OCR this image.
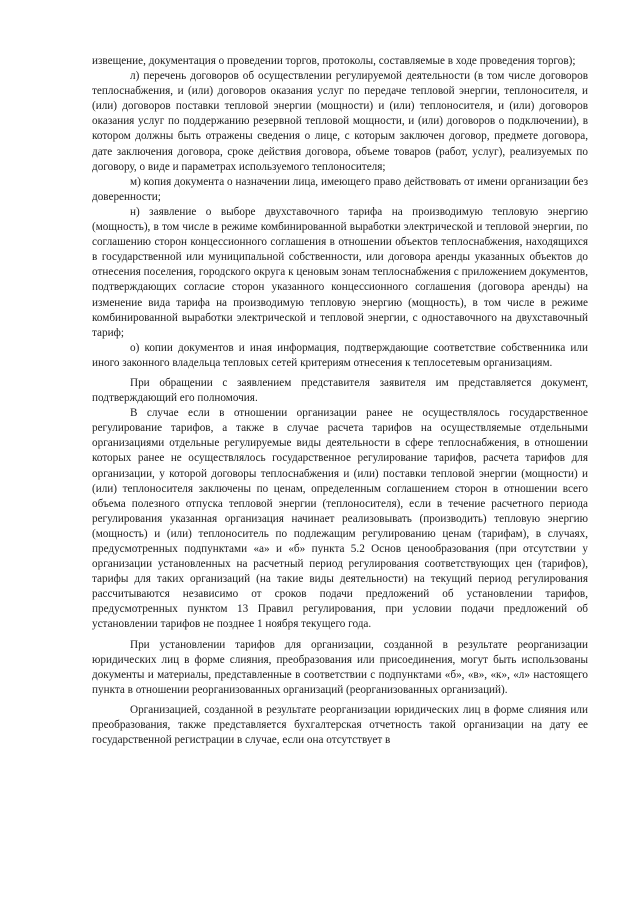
извещение, документация о проведении торгов, протоколы, составляемые в ходе проведения торгов);

л) перечень договоров об осуществлении регулируемой деятельности (в том числе договоров теплоснабжения, и (или) договоров оказания услуг по передаче тепловой энергии, теплоносителя, и (или) договоров поставки тепловой энергии (мощности) и (или) теплоносителя, и (или) договоров оказания услуг по поддержанию резервной тепловой мощности, и (или) договоров о подключении), в котором должны быть отражены сведения о лице, с которым заключен договор, предмете договора, дате заключения договора, сроке действия договора, объеме товаров (работ, услуг), реализуемых по договору, о виде и параметрах используемого теплоносителя;

м) копия документа о назначении лица, имеющего право действовать от имени организации без доверенности;

н) заявление о выборе двухставочного тарифа на производимую тепловую энергию (мощность), в том числе в режиме комбинированной выработки электрической и тепловой энергии, по соглашению сторон концессионного соглашения в отношении объектов теплоснабжения, находящихся в государственной или муниципальной собственности, или договора аренды указанных объектов до отнесения поселения, городского округа к ценовым зонам теплоснабжения с приложением документов, подтверждающих согласие сторон указанного концессионного соглашения (договора аренды) на изменение вида тарифа на производимую тепловую энергию (мощность), в том числе в режиме комбинированной выработки электрической и тепловой энергии, с одноставочного на двухставочный тариф;

о) копии документов и иная информация, подтверждающие соответствие собственника или иного законного владельца тепловых сетей критериям отнесения к теплосетевым организациям.

При обращении с заявлением представителя заявителя им представляется документ, подтверждающий его полномочия.

В случае если в отношении организации ранее не осуществлялось государственное регулирование тарифов, а также в случае расчета тарифов на осуществляемые отдельными организациями отдельные регулируемые виды деятельности в сфере теплоснабжения, в отношении которых ранее не осуществлялось государственное регулирование тарифов, расчета тарифов для организации, у которой договоры теплоснабжения и (или) поставки тепловой энергии (мощности) и (или) теплоносителя заключены по ценам, определенным соглашением сторон в отношении всего объема полезного отпуска тепловой энергии (теплоносителя), если в течение расчетного периода регулирования указанная организация начинает реализовывать (производить) тепловую энергию (мощность) и (или) теплоноситель по подлежащим регулированию ценам (тарифам), в случаях, предусмотренных подпунктами «а» и «б» пункта 5.2 Основ ценообразования (при отсутствии у организации установленных на расчетный период регулирования соответствующих цен (тарифов), тарифы для таких организаций (на такие виды деятельности) на текущий период регулирования рассчитываются независимо от сроков подачи предложений об установлении тарифов, предусмотренных пунктом 13 Правил регулирования, при условии подачи предложений об установлении тарифов не позднее 1 ноября текущего года.

При установлении тарифов для организации, созданной в результате реорганизации юридических лиц в форме слияния, преобразования или присоединения, могут быть использованы документы и материалы, представленные в соответствии с подпунктами «б», «в», «к», «л» настоящего пункта в отношении реорганизованных организаций (реорганизованных организаций).

Организацией, созданной в результате реорганизации юридических лиц в форме слияния или преобразования, также представляется бухгалтерская отчетность такой организации на дату ее государственной регистрации в случае, если она отсутствует в
